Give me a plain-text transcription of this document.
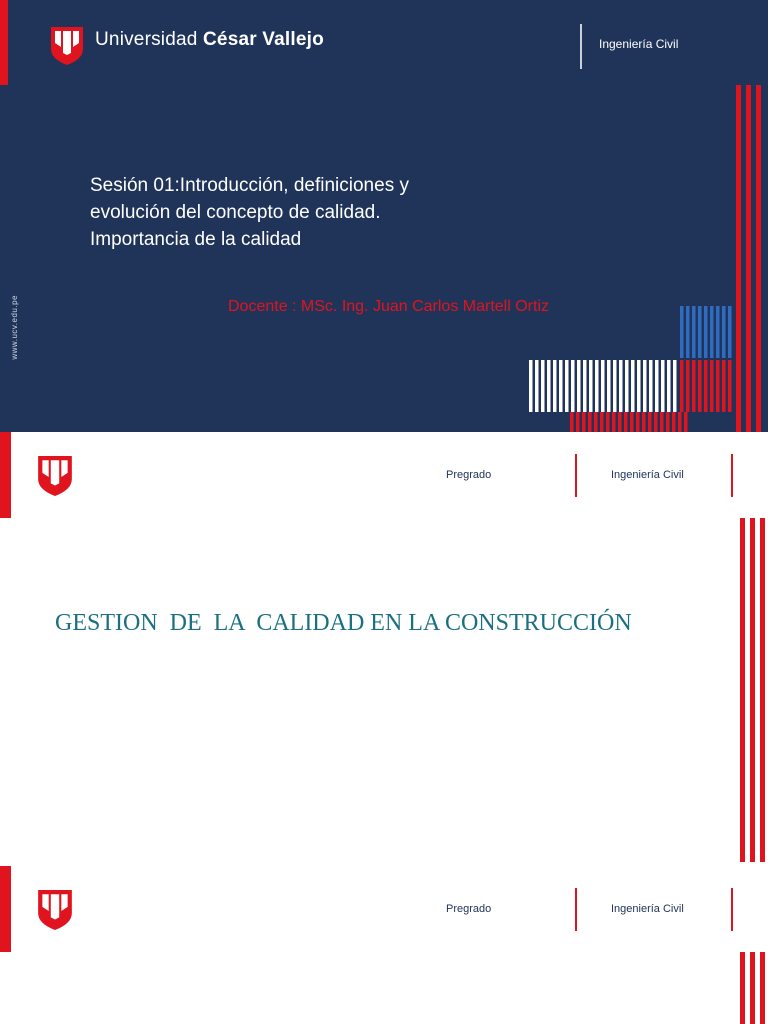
Universidad César Vallejo	Ingeniería Civil
Sesión 01:Introducción, definiciones y
evolución del concepto de calidad.
Importancia de la calidad
Docente : MSc. Ing. Juan Carlos Martell Ortiz
www.ucv.edu.pe
Pregrado	Ingeniería Civil
GESTION  DE  LA  CALIDAD EN LA CONSTRUCCIÓN
Pregrado	Ingeniería Civil
